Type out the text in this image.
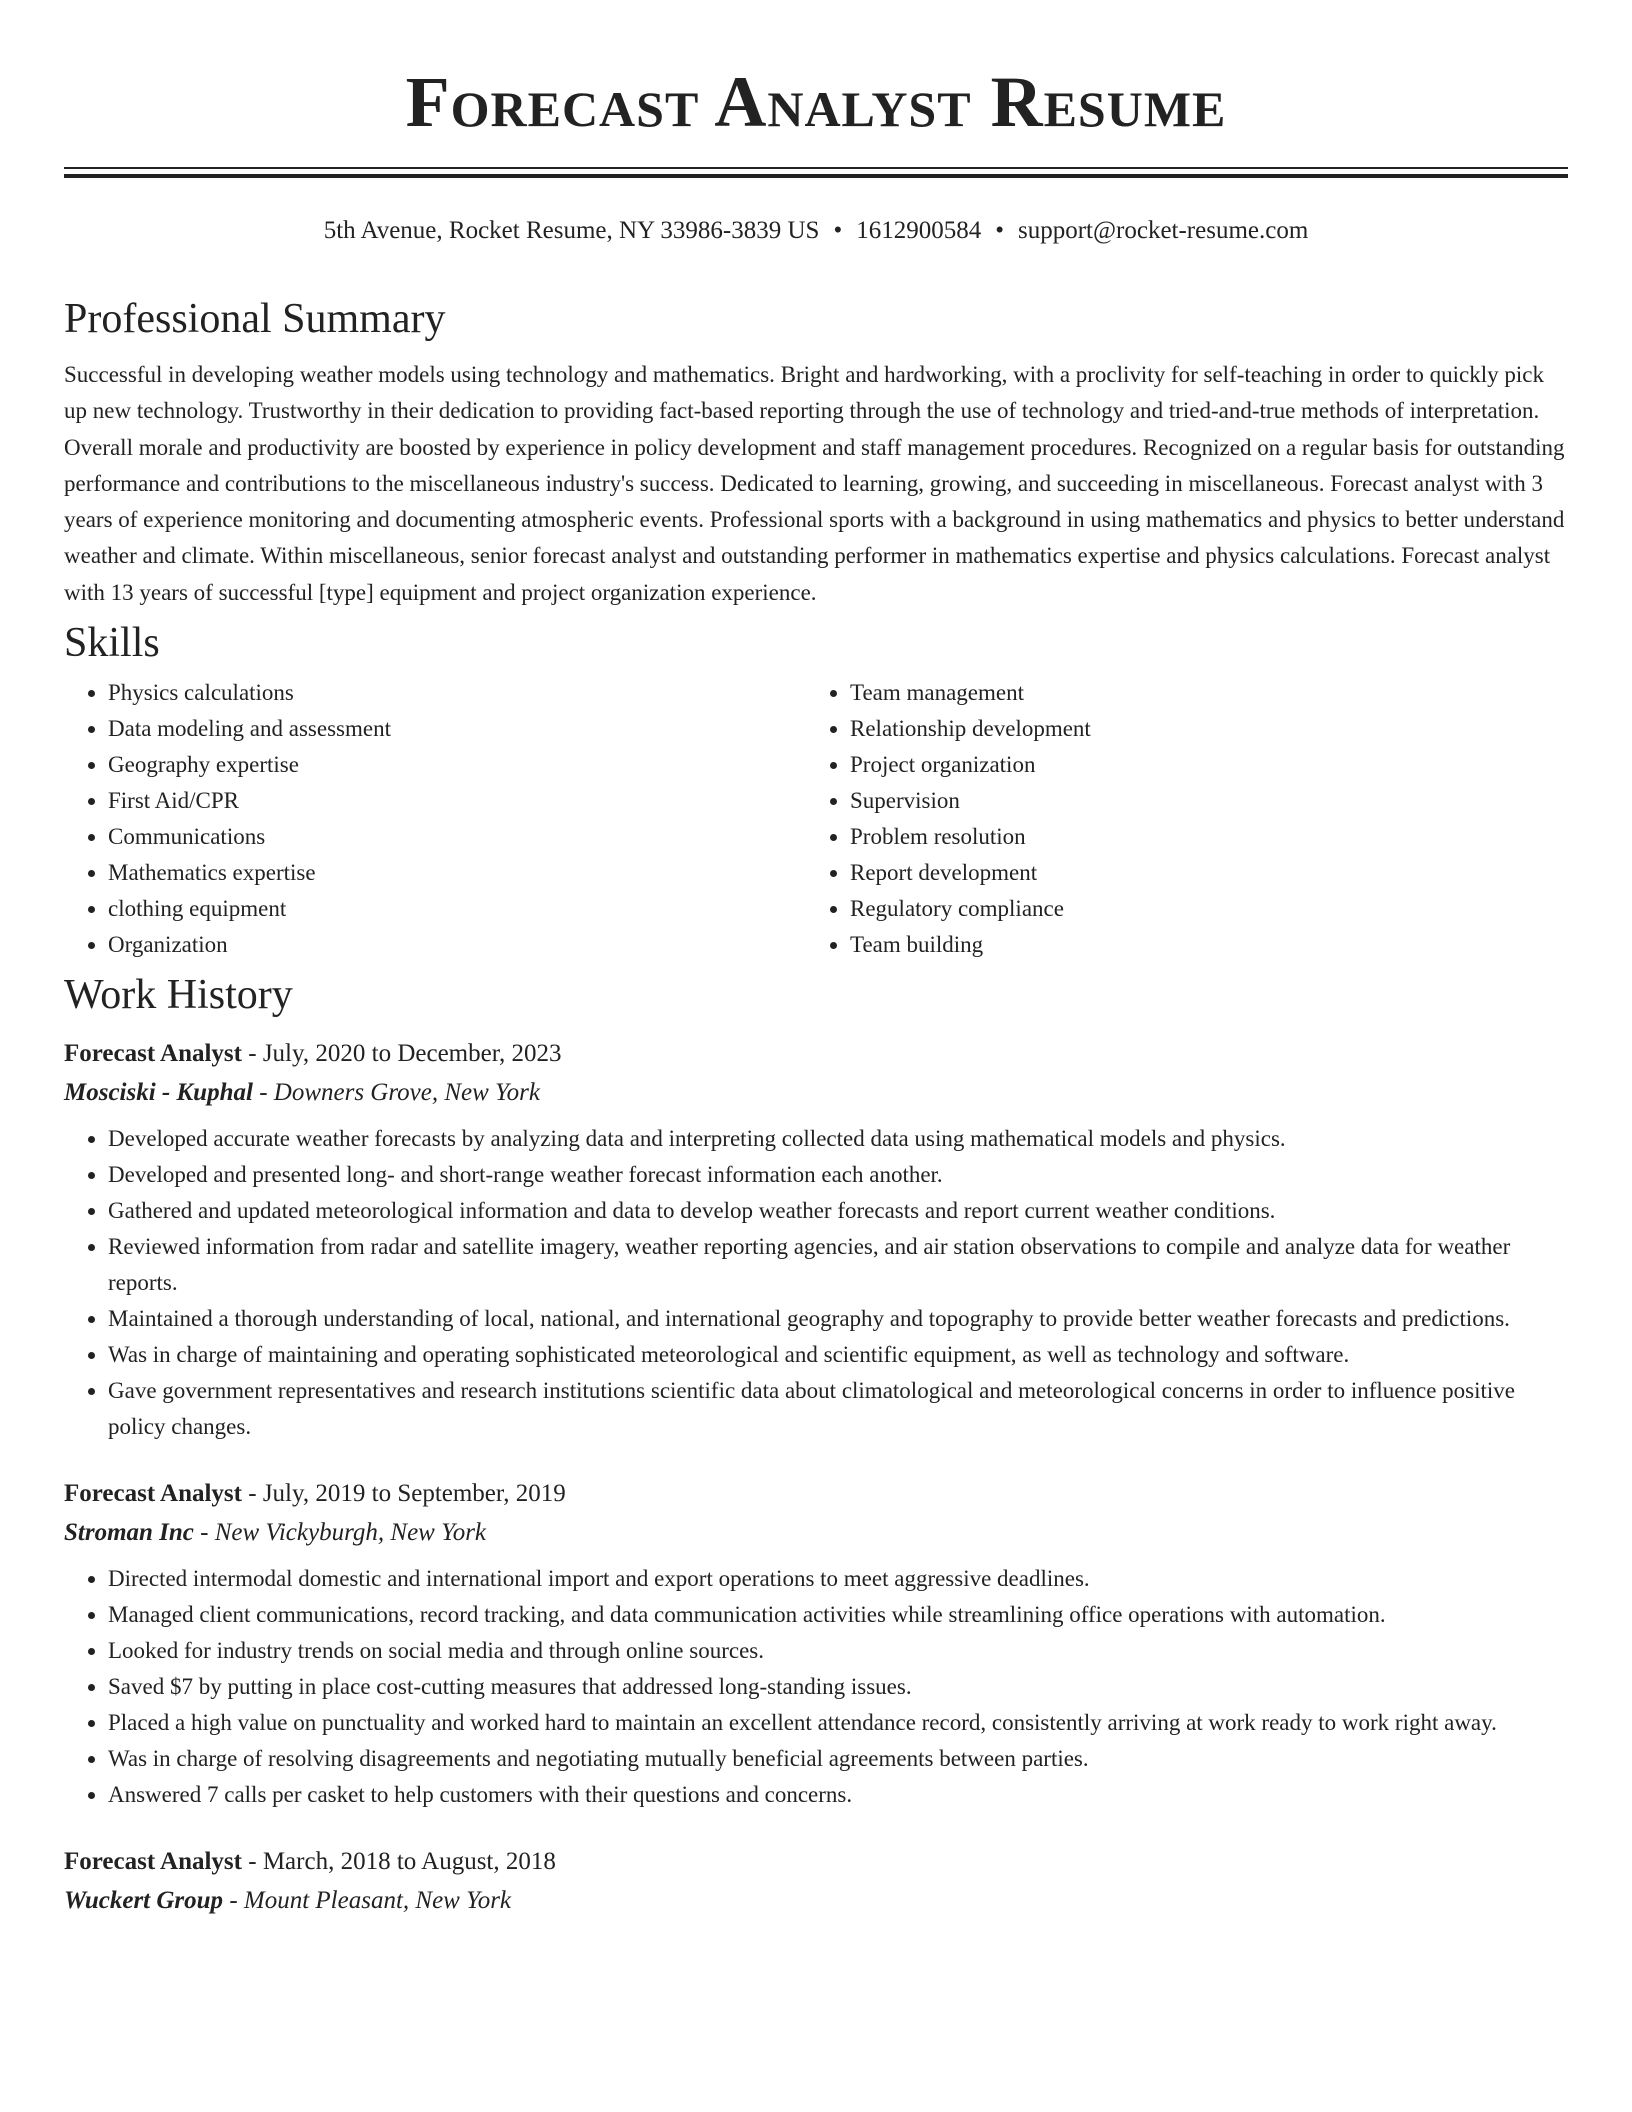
Forecast Analyst Resume
5th Avenue, Rocket Resume, NY 33986-3839 US • 1612900584 • support@rocket-resume.com
Professional Summary

Successful in developing weather models using technology and mathematics. Bright and hardworking, with a proclivity for self-teaching in order to quickly pick up new technology. Trustworthy in their dedication to providing fact-based reporting through the use of technology and tried-and-true methods of interpretation. Overall morale and productivity are boosted by experience in policy development and staff management procedures. Recognized on a regular basis for outstanding performance and contributions to the miscellaneous industry's success. Dedicated to learning, growing, and succeeding in miscellaneous. Forecast analyst with 3 years of experience monitoring and documenting atmospheric events. Professional sports with a background in using mathematics and physics to better understand weather and climate. Within miscellaneous, senior forecast analyst and outstanding performer in mathematics expertise and physics calculations. Forecast analyst with 13 years of successful [type] equipment and project organization experience.

Skills
• Physics calculations
• Data modeling and assessment
• Geography expertise
• First Aid/CPR
• Communications
• Mathematics expertise
• clothing equipment
• Organization
• Team management
• Relationship development
• Project organization
• Supervision
• Problem resolution
• Report development
• Regulatory compliance
• Team building
Work History

Forecast Analyst - July, 2020 to December, 2023

Mosciski - Kuphal - Downers Grove, New York

• Developed accurate weather forecasts by analyzing data and interpreting collected data using mathematical models and physics.
• Developed and presented long- and short-range weather forecast information each another.
• Gathered and updated meteorological information and data to develop weather forecasts and report current weather conditions.
• Reviewed information from radar and satellite imagery, weather reporting agencies, and air station observations to compile and analyze data for weather reports.
• Maintained a thorough understanding of local, national, and international geography and topography to provide better weather forecasts and predictions.
• Was in charge of maintaining and operating sophisticated meteorological and scientific equipment, as well as technology and software.
• Gave government representatives and research institutions scientific data about climatological and meteorological concerns in order to influence positive policy changes.

Forecast Analyst - July, 2019 to September, 2019

Stroman Inc - New Vickyburgh, New York

• Directed intermodal domestic and international import and export operations to meet aggressive deadlines.
• Managed client communications, record tracking, and data communication activities while streamlining office operations with automation.
• Looked for industry trends on social media and through online sources.
• Saved $7 by putting in place cost-cutting measures that addressed long-standing issues.
• Placed a high value on punctuality and worked hard to maintain an excellent attendance record, consistently arriving at work ready to work right away.
• Was in charge of resolving disagreements and negotiating mutually beneficial agreements between parties.
• Answered 7 calls per casket to help customers with their questions and concerns.

Forecast Analyst - March, 2018 to August, 2018

Wuckert Group - Mount Pleasant, New York
